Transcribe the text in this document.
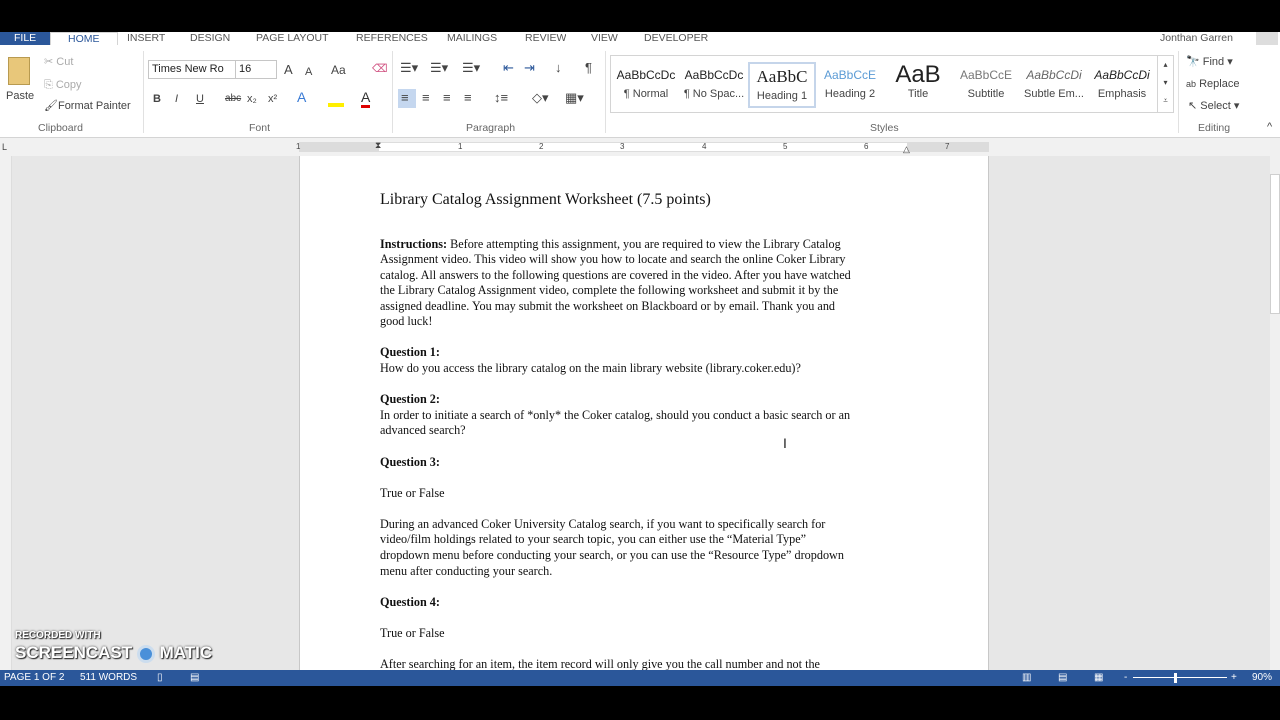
FILE	HOME	INSERT DESIGN PAGE LAYOUT	REFERENCES MAILINGS	REVIEW VIEW DEVELOPER	Jonthan Garren
Paste
✂ Cut
⎘ Copy
🖌Format Painter
Clipboard
Times New Ro	16	A A Aa ⌫
B I U abc x₂ x² A	A
Font
☰▾ ☰▾ ☰▾ ⇤ ⇥ ↓ ¶
≡ ≡ ≡ ≡ ↕≡ ◇▾ ▦▾
Paragraph
AaBbCcDc
¶ Normal
AaBbCcDc
¶ No Spac...
AaBbC
Heading 1
AaBbCcE
Heading 2
AaB
Title
AaBbCcE
Subtitle
AaBbCcDi
Subtle Em...
AaBbCcDi
Emphasis
▴
▾
⩡
Styles
🔭 Find ▾
ab Replace
↖ Select ▾
Editing	^
L	1	1	2	3	4	5	6	7
⧗	△
Library Catalog Assignment Worksheet (7.5 points)
Instructions: Before attempting this assignment, you are required to view the Library Catalog
Assignment video. This video will show you how to locate and search the online Coker Library
catalog. All answers to the following questions are covered in the video. After you have watched
the Library Catalog Assignment video, complete the following worksheet and submit it by the
assigned deadline. You may submit the worksheet on Blackboard or by email. Thank you and
good luck!
Question 1:
How do you access the library catalog on the main library website (library.coker.edu)?
Question 2:
In order to initiate a search of *only* the Coker catalog, should you conduct a basic search or an
advanced search?
Question 3:
True or False
During an advanced Coker University Catalog search, if you want to specifically search for
video/film holdings related to your search topic, you can either use the “Material Type”
dropdown menu before conducting your search, or you can use the “Resource Type” dropdown
menu after conducting your search.
Question 4:
True or False
After searching for an item, the item record will only give you the call number and not the
I
RECORDED WITH
SCREENCAST MATIC
PAGE 1 OF 2 511 WORDS ▯	▤	▥	▤	▦ -	+ 90%
